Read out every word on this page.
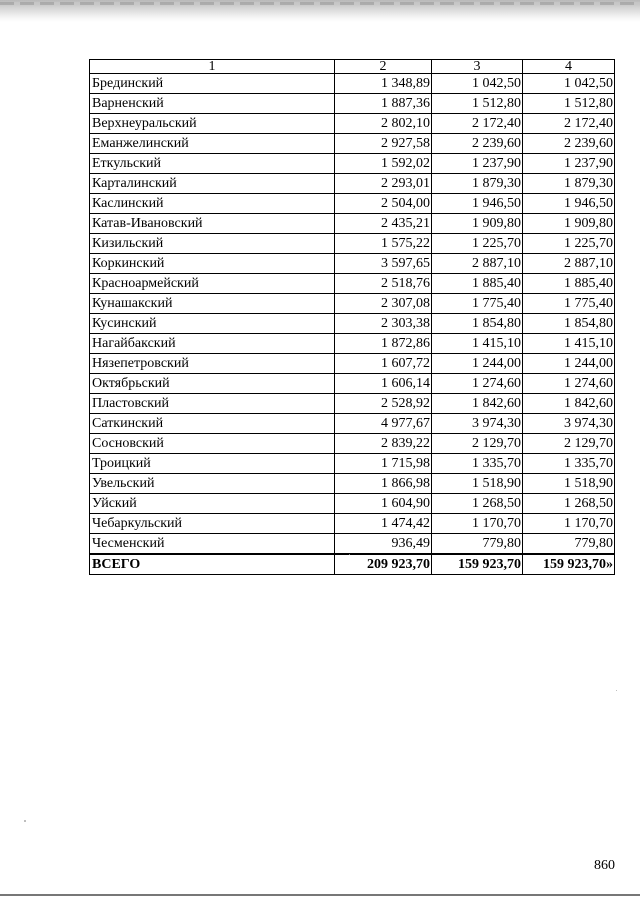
1	2	3	4
Брединский	1 348,89	1 042,50	1 042,50
Варненский	1 887,36	1 512,80	1 512,80
Верхнеуральский	2 802,10	2 172,40	2 172,40
Еманжелинский	2 927,58	2 239,60	2 239,60
Еткульский	1 592,02	1 237,90	1 237,90
Карталинский	2 293,01	1 879,30	1 879,30
Каслинский	2 504,00	1 946,50	1 946,50
Катав-Ивановский	2 435,21	1 909,80	1 909,80
Кизильский	1 575,22	1 225,70	1 225,70
Коркинский	3 597,65	2 887,10	2 887,10
Красноармейский	2 518,76	1 885,40	1 885,40
Кунашакский	2 307,08	1 775,40	1 775,40
Кусинский	2 303,38	1 854,80	1 854,80
Нагайбакский	1 872,86	1 415,10	1 415,10
Нязепетровский	1 607,72	1 244,00	1 244,00
Октябрьский	1 606,14	1 274,60	1 274,60
Пластовский	2 528,92	1 842,60	1 842,60
Саткинский	4 977,67	3 974,30	3 974,30
Сосновский	2 839,22	2 129,70	2 129,70
Троицкий	1 715,98	1 335,70	1 335,70
Увельский	1 866,98	1 518,90	1 518,90
Уйский	1 604,90	1 268,50	1 268,50
Чебаркульский	1 474,42	1 170,70	1 170,70
Чесменский	936,49	779,80	779,80
ВСЕГО	209 923,70	159 923,70	159 923,70»
860
